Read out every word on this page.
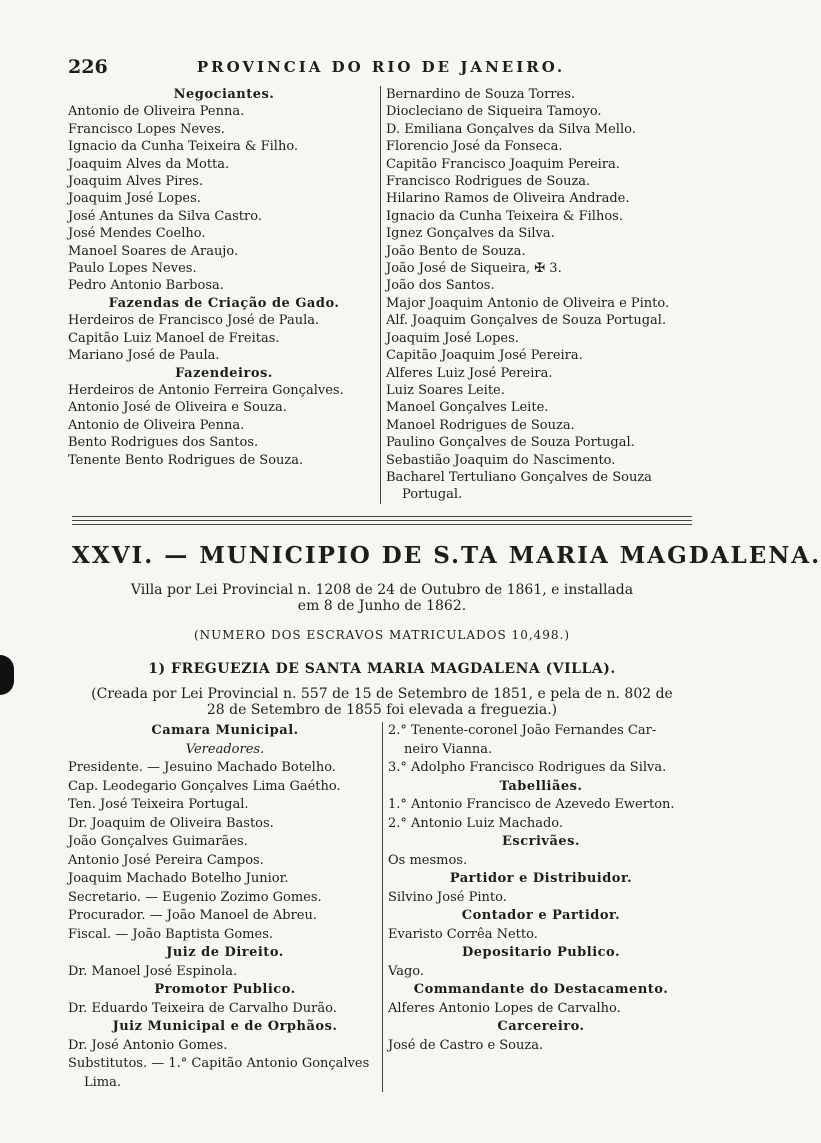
226	PROVINCIA DO RIO DE JANEIRO.
Negociantes.
Antonio de Oliveira Penna.
Francisco Lopes Neves.
Ignacio da Cunha Teixeira & Filho.
Joaquim Alves da Motta.
Joaquim Alves Pires.
Joaquim José Lopes.
José Antunes da Silva Castro.
José Mendes Coelho.
Manoel Soares de Araujo.
Paulo Lopes Neves.
Pedro Antonio Barbosa.
Fazendas de Criação de Gado.
Herdeiros de Francisco José de Paula.
Capitão Luiz Manoel de Freitas.
Mariano José de Paula.
Fazendeiros.
Herdeiros de Antonio Ferreira Gonçalves.
Antonio José de Oliveira e Souza.
Antonio de Oliveira Penna.
Bento Rodrigues dos Santos.
Tenente Bento Rodrigues de Souza.
Bernardino de Souza Torres.
Diocleciano de Siqueira Tamoyo.
D. Emiliana Gonçalves da Silva Mello.
Florencio José da Fonseca.
Capitão Francisco Joaquim Pereira.
Francisco Rodrigues de Souza.
Hilarino Ramos de Oliveira Andrade.
Ignacio da Cunha Teixeira & Filhos.
Ignez Gonçalves da Silva.
João Bento de Souza.
João José de Siqueira, ✠ 3.
João dos Santos.
Major Joaquim Antonio de Oliveira e Pinto.
Alf. Joaquim Gonçalves de Souza Portugal.
Joaquim José Lopes.
Capitão Joaquim José Pereira.
Alferes Luiz José Pereira.
Luiz Soares Leite.
Manoel Gonçalves Leite.
Manoel Rodrigues de Souza.
Paulino Gonçalves de Souza Portugal.
Sebastião Joaquim do Nascimento.
Bacharel Tertuliano Gonçalves de Souza
Portugal.
XXVI. — MUNICIPIO DE S.TA MARIA MAGDALENA.
Villa por Lei Provincial n. 1208 de 24 de Outubro de 1861, e installada
em 8 de Junho de 1862.
(NUMERO DOS ESCRAVOS MATRICULADOS 10,498.)
1) FREGUEZIA DE SANTA MARIA MAGDALENA (VILLA).
(Creada por Lei Provincial n. 557 de 15 de Setembro de 1851, e pela de n. 802 de
28 de Setembro de 1855 foi elevada a freguezia.)
Camara Municipal.
Vereadores.
Presidente. — Jesuino Machado Botelho.
Cap. Leodegario Gonçalves Lima Gaétho.
Ten. José Teixeira Portugal.
Dr. Joaquim de Oliveira Bastos.
João Gonçalves Guimarães.
Antonio José Pereira Campos.
Joaquim Machado Botelho Junior.
Secretario. — Eugenio Zozimo Gomes.
Procurador. — João Manoel de Abreu.
Fiscal. — João Baptista Gomes.
Juiz de Direito.
Dr. Manoel José Espinola.
Promotor Publico.
Dr. Eduardo Teixeira de Carvalho Durão.
Juiz Municipal e de Orphãos.
Dr. José Antonio Gomes.
Substitutos. — 1.° Capitão Antonio Gonçalves
Lima.
2.° Tenente-coronel João Fernandes Car-
neiro Vianna.
3.° Adolpho Francisco Rodrigues da Silva.
Tabelliães.
1.° Antonio Francisco de Azevedo Ewerton.
2.° Antonio Luiz Machado.
Escrivães.
Os mesmos.
Partidor e Distribuidor.
Silvino José Pinto.
Contador e Partidor.
Evaristo Corrêa Netto.
Depositario Publico.
Vago.
Commandante do Destacamento.
Alferes Antonio Lopes de Carvalho.
Carcereiro.
José de Castro e Souza.
